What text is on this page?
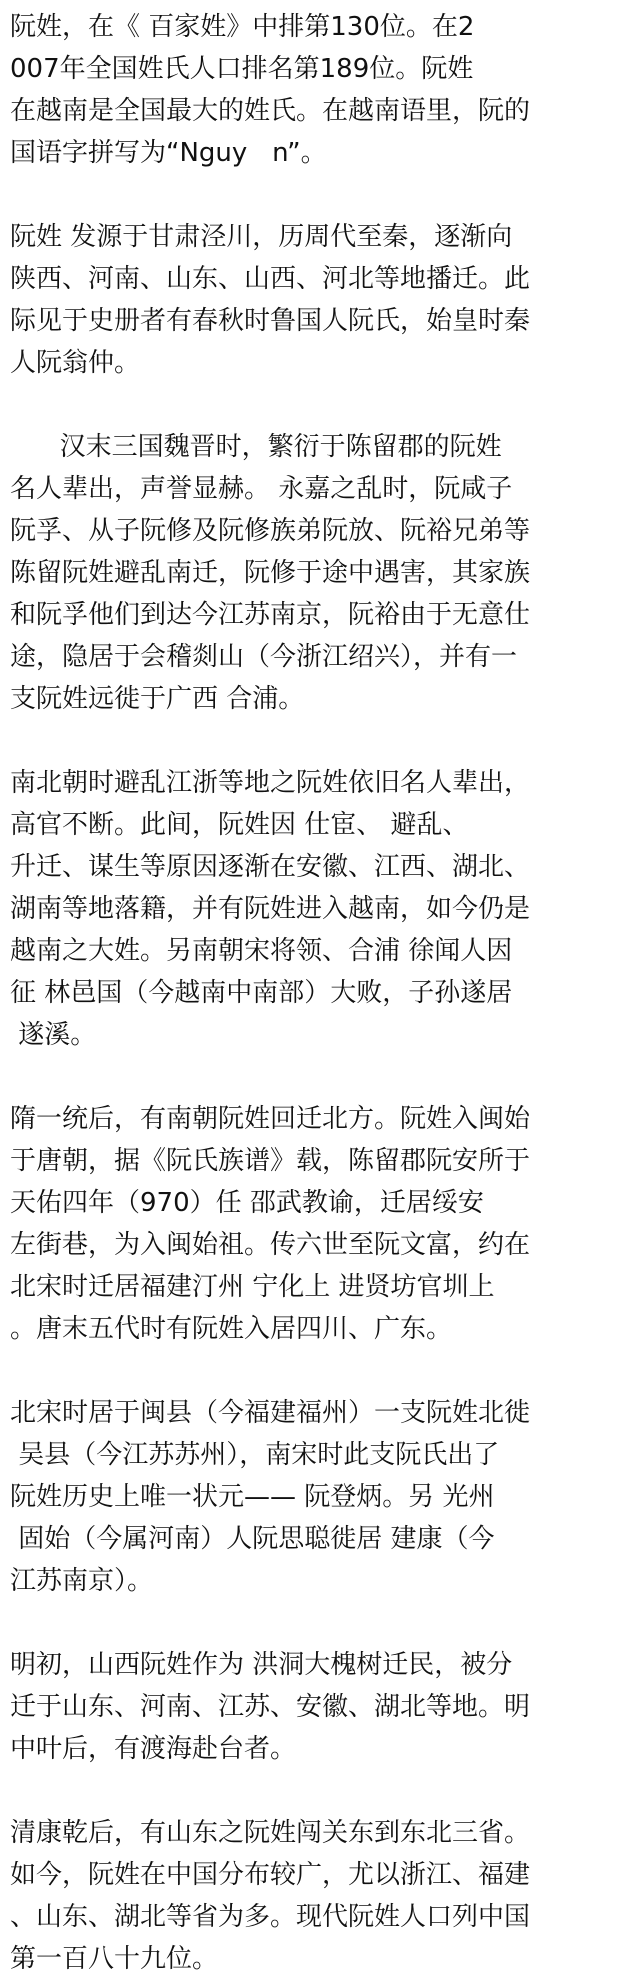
阮姓，在《 百家姓》中排第130位。在2
007年全国姓氏人口排名第189位。阮姓
在越南是全国最大的姓氏。在越南语里，阮的
国语字拼写为“Nguy   n”。
阮姓 发源于甘肃泾川，历周代至秦，逐渐向
陕西、河南、山东、山西、河北等地播迁。此
际见于史册者有春秋时鲁国人阮氏，始皇时秦
人阮翁仲。
汉末三国魏晋时，繁衍于陈留郡的阮姓
名人辈出，声誉显赫。 永嘉之乱时，阮咸子
阮孚、从子阮修及阮修族弟阮放、阮裕兄弟等
陈留阮姓避乱南迁，阮修于途中遇害，其家族
和阮孚他们到达今江苏南京，阮裕由于无意仕
途，隐居于会稽剡山（今浙江绍兴），并有一
支阮姓远徙于广西 合浦。
南北朝时避乱江浙等地之阮姓依旧名人辈出，
高官不断。此间，阮姓因 仕宦、 避乱、
升迁、谋生等原因逐渐在安徽、江西、湖北、
湖南等地落籍，并有阮姓进入越南，如今仍是
越南之大姓。另南朝宋将领、合浦 徐闻人因
征 林邑国（今越南中南部）大败，子孙遂居
遂溪。
隋一统后，有南朝阮姓回迁北方。阮姓入闽始
于唐朝，据《阮氏族谱》载，陈留郡阮安所于
天佑四年（970）任 邵武教谕，迁居绥安
左街巷，为入闽始祖。传六世至阮文富，约在
北宋时迁居福建汀州 宁化上 进贤坊官圳上
。唐末五代时有阮姓入居四川、广东。
北宋时居于闽县（今福建福州）一支阮姓北徙
吴县（今江苏苏州），南宋时此支阮氏出了
阮姓历史上唯一状元—— 阮登炳。另 光州
固始（今属河南）人阮思聪徙居 建康（今
江苏南京）。
明初，山西阮姓作为 洪洞大槐树迁民，被分
迁于山东、河南、江苏、安徽、湖北等地。明
中叶后，有渡海赴台者。
清康乾后，有山东之阮姓闯关东到东北三省。
如今，阮姓在中国分布较广，尤以浙江、福建
、山东、湖北等省为多。现代阮姓人口列中国
第一百八十九位。
